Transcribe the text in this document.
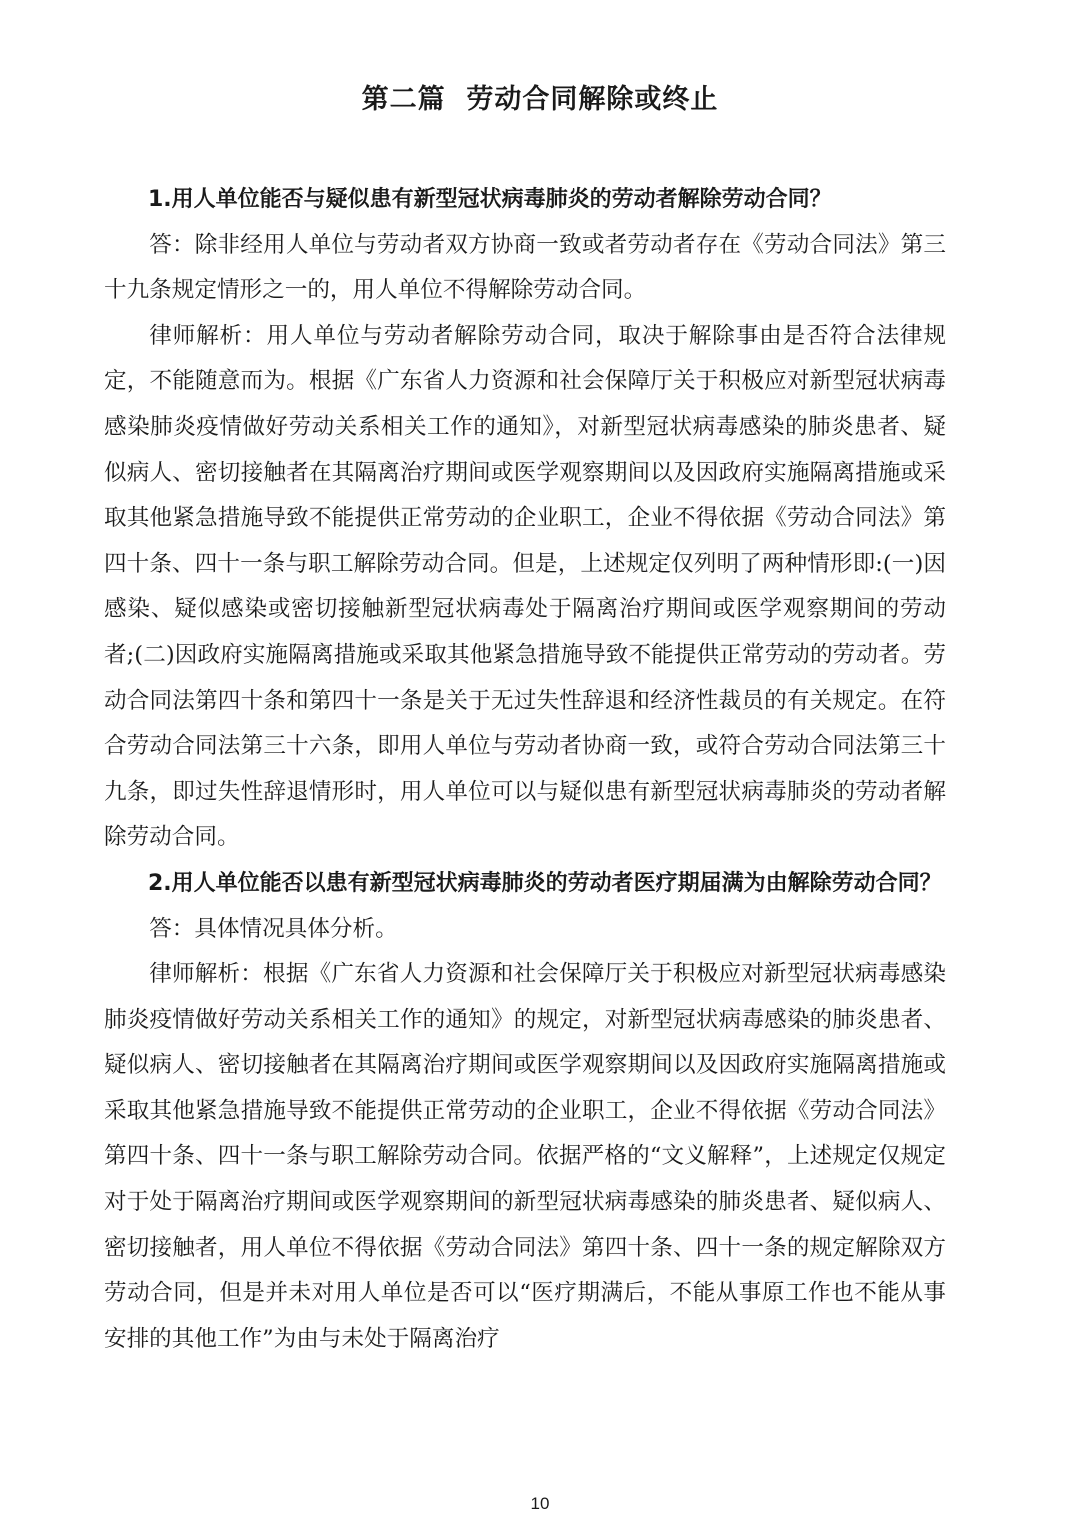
第二篇  劳动合同解除或终止

1.用人单位能否与疑似患有新型冠状病毒肺炎的劳动者解除劳动合同？

答：除非经用人单位与劳动者双方协商一致或者劳动者存在《劳动合同法》第三十九条规定情形之一的，用人单位不得解除劳动合同。

律师解析：用人单位与劳动者解除劳动合同，取决于解除事由是否符合法律规定，不能随意而为。根据《广东省人力资源和社会保障厅关于积极应对新型冠状病毒感染肺炎疫情做好劳动关系相关工作的通知》，对新型冠状病毒感染的肺炎患者、疑似病人、密切接触者在其隔离治疗期间或医学观察期间以及因政府实施隔离措施或采取其他紧急措施导致不能提供正常劳动的企业职工，企业不得依据《劳动合同法》第四十条、四十一条与职工解除劳动合同。但是，上述规定仅列明了两种情形即:(一)因感染、疑似感染或密切接触新型冠状病毒处于隔离治疗期间或医学观察期间的劳动者;(二)因政府实施隔离措施或采取其他紧急措施导致不能提供正常劳动的劳动者。劳动合同法第四十条和第四十一条是关于无过失性辞退和经济性裁员的有关规定。在符合劳动合同法第三十六条，即用人单位与劳动者协商一致，或符合劳动合同法第三十九条，即过失性辞退情形时，用人单位可以与疑似患有新型冠状病毒肺炎的劳动者解除劳动合同。

2.用人单位能否以患有新型冠状病毒肺炎的劳动者医疗期届满为由解除劳动合同？

答：具体情况具体分析。

律师解析：根据《广东省人力资源和社会保障厅关于积极应对新型冠状病毒感染肺炎疫情做好劳动关系相关工作的通知》的规定，对新型冠状病毒感染的肺炎患者、疑似病人、密切接触者在其隔离治疗期间或医学观察期间以及因政府实施隔离措施或采取其他紧急措施导致不能提供正常劳动的企业职工，企业不得依据《劳动合同法》第四十条、四十一条与职工解除劳动合同。依据严格的“文义解释”，上述规定仅规定对于处于隔离治疗期间或医学观察期间的新型冠状病毒感染的肺炎患者、疑似病人、密切接触者，用人单位不得依据《劳动合同法》第四十条、四十一条的规定解除双方劳动合同，但是并未对用人单位是否可以“医疗期满后，不能从事原工作也不能从事安排的其他工作”为由与未处于隔离治疗

10
